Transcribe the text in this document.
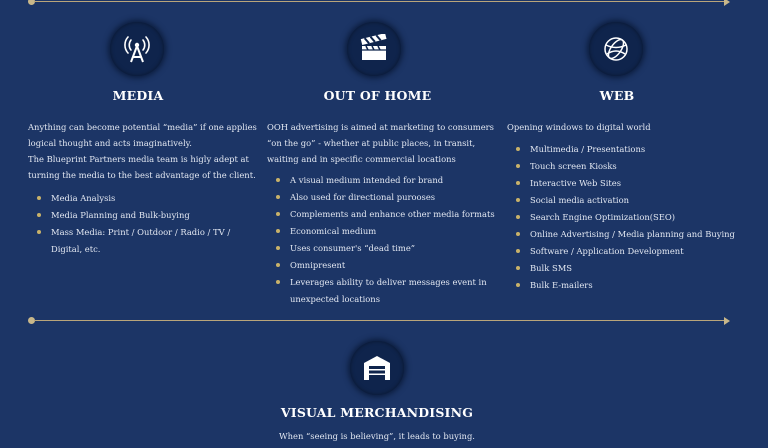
MEDIA
Anything can become potential “media” if one applies
logical thought and acts imaginatively.
The Blueprint Partners media team is higly adept at
turning the media to the best advantage of the client.
Media Analysis
Media Planning and Bulk-buying
Mass Media: Print / Outdoor / Radio / TV /
Digital, etc.
OUT OF HOME
OOH advertising is aimed at marketing to consumers
“on the go” - whether at public places, in transit,
waiting and in specific commercial locations
A visual medium intended for brand
Also used for directional purooses
Complements and enhance other media formats
Economical medium
Uses consumer's “dead time”
Omnipresent
Leverages ability to deliver messages event in
unexpected locations
WEB
Opening windows to digital world
Multimedia / Presentations
Touch screen Kiosks
Interactive Web Sites
Social media activation
Search Engine Optimization(SEO)
Online Advertising / Media planning and Buying
Software / Application Development
Bulk SMS
Bulk E-mailers
VISUAL MERCHANDISING
When “seeing is believing”, it leads to buying.
